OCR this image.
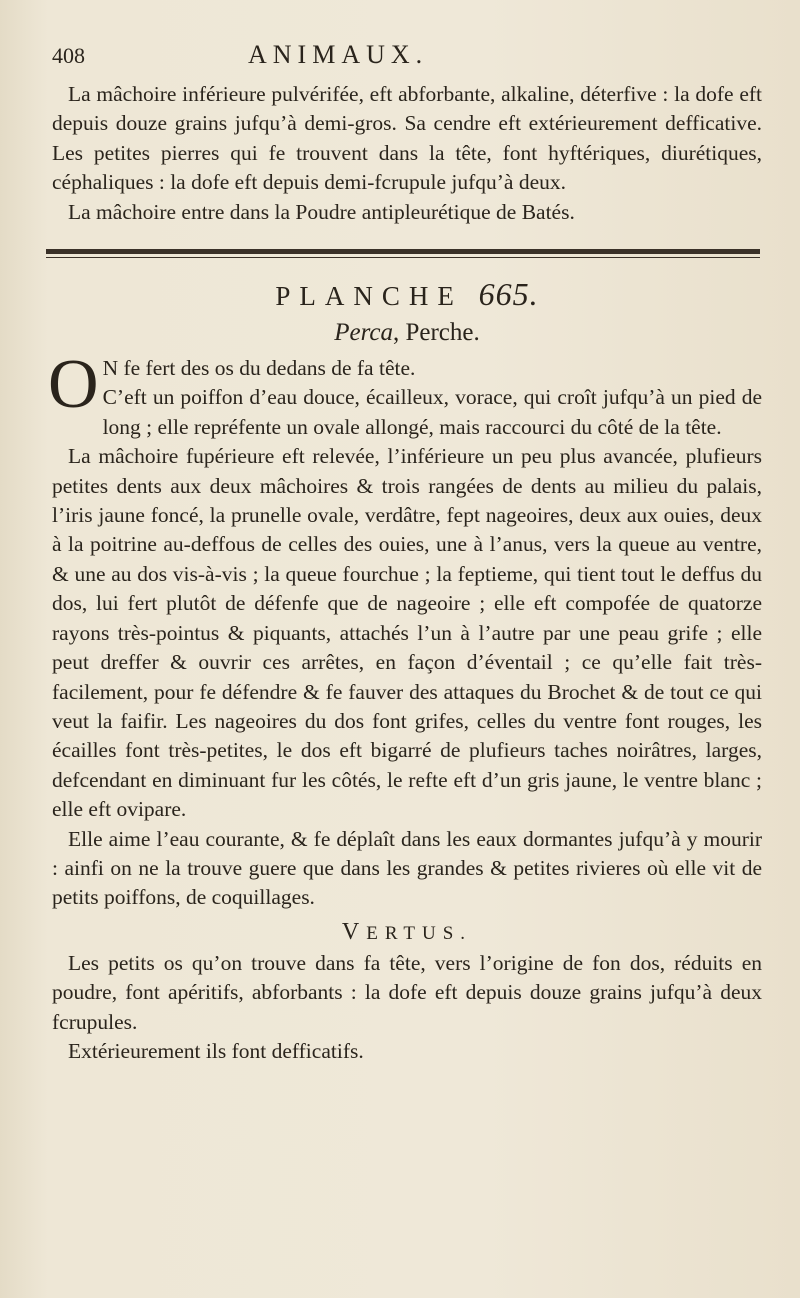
408	ANIMAUX.

La mâchoire inférieure pulvérifée, eft abforbante, alkaline, déterfive : la dofe eft depuis douze grains jufqu’à demi-gros. Sa cendre eft extérieurement defficative. Les petites pierres qui fe trouvent dans la tête, font hyftériques, diurétiques, céphaliques : la dofe eft depuis demi-fcrupule jufqu’à deux.

La mâchoire entre dans la Poudre antipleurétique de Batés.

PLANCHE 665.
Perca, Perche.
O N fe fert des os du dedans de fa tête.

C’eft un poiffon d’eau douce, écailleux, vorace, qui croît jufqu’à un pied de long ; elle repréfente un ovale allongé, mais raccourci du côté de la tête.

La mâchoire fupérieure eft relevée, l’inférieure un peu plus avancée, plufieurs petites dents aux deux mâchoires & trois rangées de dents au milieu du palais, l’iris jaune foncé, la prunelle ovale, verdâtre, fept nageoires, deux aux ouies, deux à la poitrine au-deffous de celles des ouies, une à l’anus, vers la queue au ventre, & une au dos vis-à-vis ; la queue fourchue ; la feptieme, qui tient tout le deffus du dos, lui fert plutôt de défenfe que de nageoire ; elle eft compofée de quatorze rayons très-pointus & piquants, attachés l’un à l’autre par une peau grife ; elle peut dreffer & ouvrir ces arrêtes, en façon d’éventail ; ce qu’elle fait très-facilement, pour fe défendre & fe fauver des attaques du Brochet & de tout ce qui veut la faifir. Les nageoires du dos font grifes, celles du ventre font rouges, les écailles font très-petites, le dos eft bigarré de plufieurs taches noirâtres, larges, defcendant en diminuant fur les côtés, le refte eft d’un gris jaune, le ventre blanc ; elle eft ovipare.

Elle aime l’eau courante, & fe déplaît dans les eaux dormantes jufqu’à y mourir : ainfi on ne la trouve guere que dans les grandes & petites rivieres où elle vit de petits poiffons, de coquillages.

VERTUS.

Les petits os qu’on trouve dans fa tête, vers l’origine de fon dos, réduits en poudre, font apéritifs, abforbants : la dofe eft depuis douze grains jufqu’à deux fcrupules.

Extérieurement ils font defficatifs.
